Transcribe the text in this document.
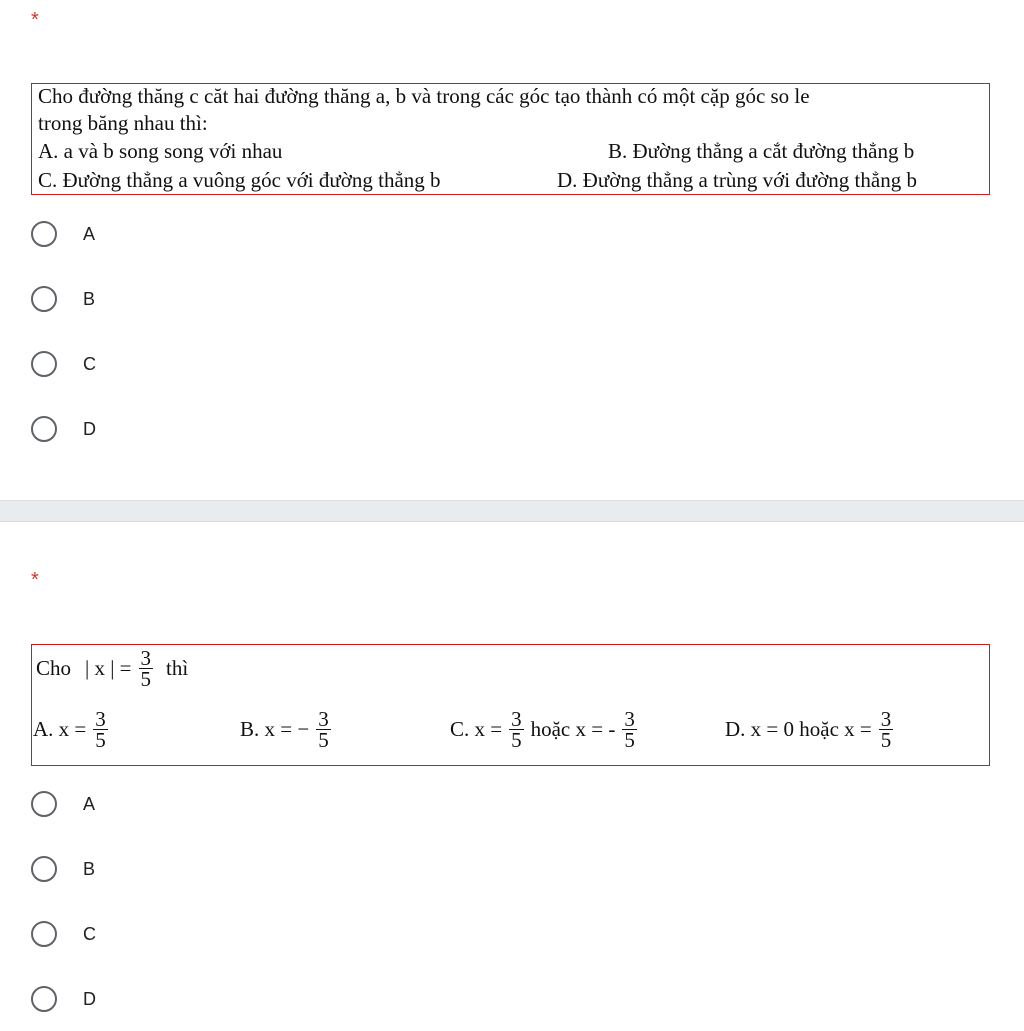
*
Cho đường thăng c căt hai đường thăng a, b và trong các góc tạo thành có một cặp góc so le
trong băng nhau thì:
A. a và b song song với nhau	B. Đường thẳng a cắt đường thẳng b
C. Đường thẳng a vuông góc với đường thẳng b	D. Đường thẳng a trùng với đường thẳng b
A
B
C
D
*
Cho | x | = $\frac{3}{5}$ thì
A. $x = \frac{3}{5}$	B. x = − $\frac{3}{5}$	C. $x = \frac{3}{5}$ hoặc x = - $\frac{3}{5}$	D. x = 0 hoặc $x = \frac{3}{5}$
A
B
C
D
